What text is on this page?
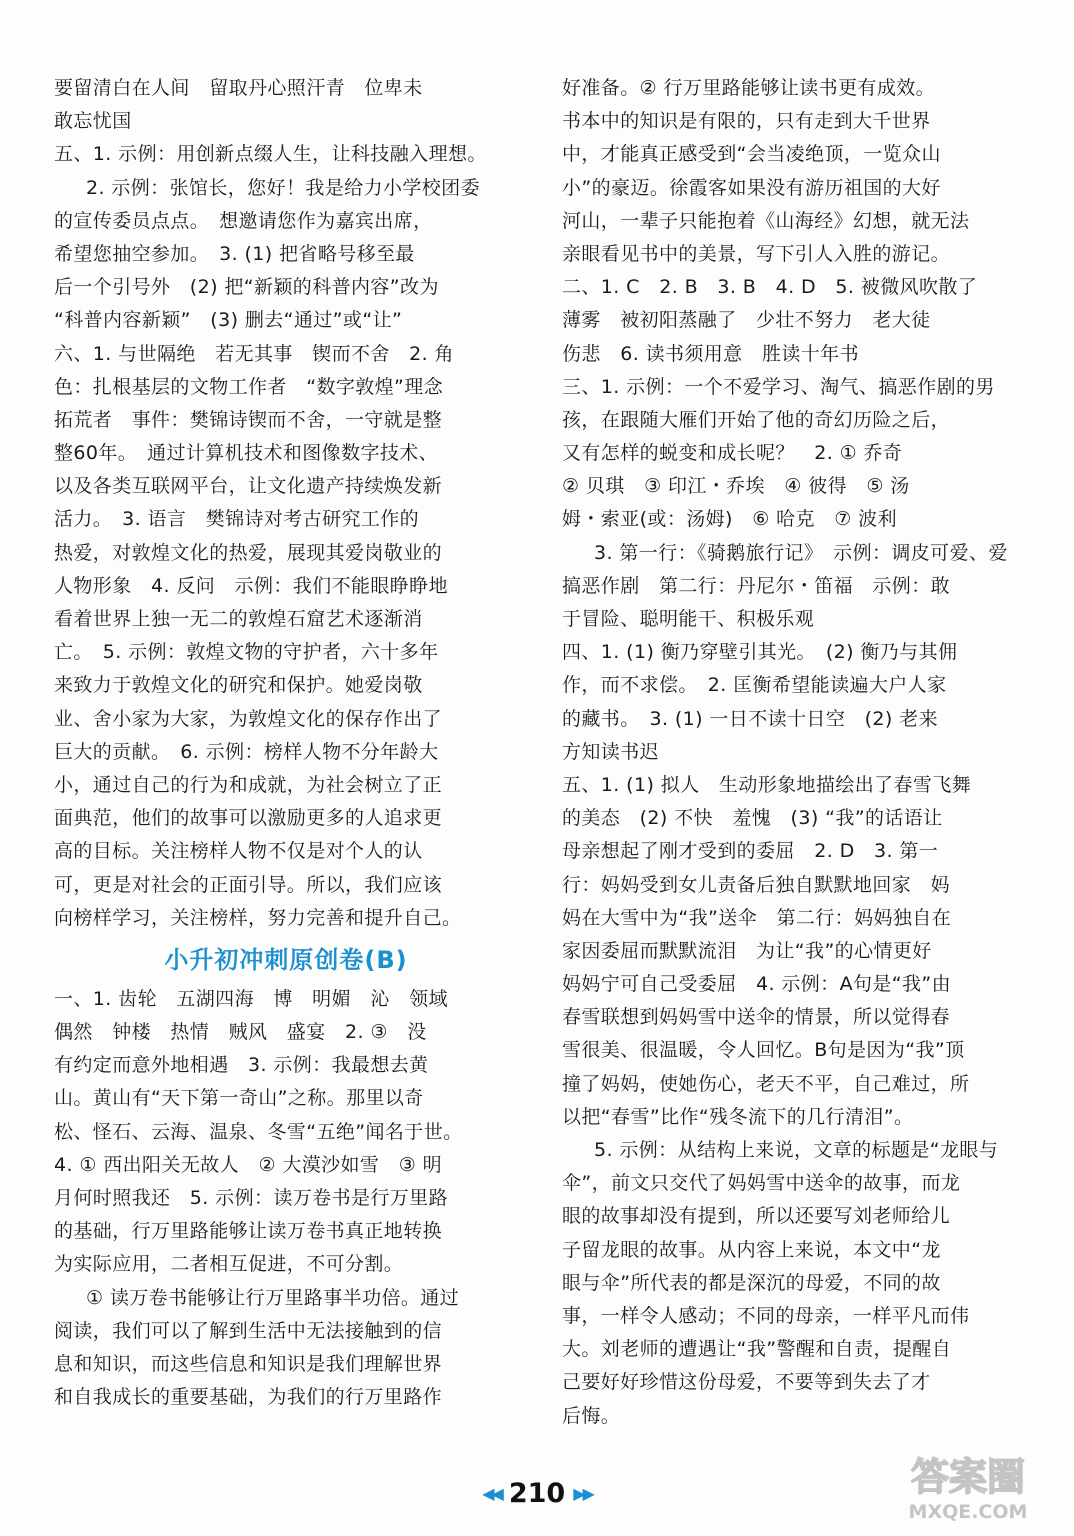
要留清白在人间　留取丹心照汗青　位卑未
敢忘忧国
五、1. 示例：用创新点缀人生，让科技融入理想。
2. 示例：张馆长，您好！我是给力小学校团委
的宣传委员点点。　想邀请您作为嘉宾出席，
希望您抽空参加。　3. (1) 把省略号移至最
后一个引号外　(2) 把“新颖的科普内容”改为
“科普内容新颖”　(3) 删去“通过”或“让”
六、1. 与世隔绝　若无其事　锲而不舍　2. 角
色：扎根基层的文物工作者　“数字敦煌”理念
拓荒者　事件：樊锦诗锲而不舍，一守就是整
整60年。　通过计算机技术和图像数字技术、
以及各类互联网平台，让文化遗产持续焕发新
活力。　3. 语言　樊锦诗对考古研究工作的
热爱，对敦煌文化的热爱，展现其爱岗敬业的
人物形象　4. 反问　示例：我们不能眼睁睁地
看着世界上独一无二的敦煌石窟艺术逐渐消
亡。　5. 示例：敦煌文物的守护者，六十多年
来致力于敦煌文化的研究和保护。她爱岗敬
业、舍小家为大家，为敦煌文化的保存作出了
巨大的贡献。　6. 示例：榜样人物不分年龄大
小，通过自己的行为和成就，为社会树立了正
面典范，他们的故事可以激励更多的人追求更
高的目标。关注榜样人物不仅是对个人的认
可，更是对社会的正面引导。所以，我们应该
向榜样学习，关注榜样，努力完善和提升自己。
小升初冲刺原创卷(B)
一、1. 齿轮　五湖四海　博　明媚　沁　领域
偶然　钟楼　热情　贼风　盛宴　2. ③　没
有约定而意外地相遇　3. 示例：我最想去黄
山。黄山有“天下第一奇山”之称。那里以奇
松、怪石、云海、温泉、冬雪“五绝”闻名于世。
4. ① 西出阳关无故人　② 大漠沙如雪　③ 明
月何时照我还　5. 示例：读万卷书是行万里路
的基础，行万里路能够让读万卷书真正地转换
为实际应用，二者相互促进，不可分割。
① 读万卷书能够让行万里路事半功倍。通过
阅读，我们可以了解到生活中无法接触到的信
息和知识，而这些信息和知识是我们理解世界
和自我成长的重要基础，为我们的行万里路作
好准备。② 行万里路能够让读书更有成效。
书本中的知识是有限的，只有走到大千世界
中，才能真正感受到“会当凌绝顶，一览众山
小”的豪迈。徐霞客如果没有游历祖国的大好
河山，一辈子只能抱着《山海经》幻想，就无法
亲眼看见书中的美景，写下引人入胜的游记。
二、1. C　2. B　3. B　4. D　5. 被微风吹散了
薄雾　被初阳蒸融了　少壮不努力　老大徒
伤悲　6. 读书须用意　胜读十年书
三、1. 示例：一个不爱学习、淘气、搞恶作剧的男
孩，在跟随大雁们开始了他的奇幻历险之后，
又有怎样的蜕变和成长呢？　2. ① 乔奇
② 贝琪　③ 印江・乔埃　④ 彼得　⑤ 汤
姆・索亚(或：汤姆)　⑥ 哈克　⑦ 波利
3. 第一行：《骑鹅旅行记》　示例：调皮可爱、爱
搞恶作剧　第二行：丹尼尔・笛福　示例：敢
于冒险、聪明能干、积极乐观
四、1. (1) 衡乃穿壁引其光。　(2) 衡乃与其佣
作，而不求偿。　2. 匡衡希望能读遍大户人家
的藏书。　3. (1) 一日不读十日空　(2) 老来
方知读书迟
五、1. (1) 拟人　生动形象地描绘出了春雪飞舞
的美态　(2) 不快　羞愧　(3) “我”的话语让
母亲想起了刚才受到的委屈　2. D　3. 第一
行：妈妈受到女儿责备后独自默默地回家　妈
妈在大雪中为“我”送伞　第二行：妈妈独自在
家因委屈而默默流泪　为让“我”的心情更好
妈妈宁可自己受委屈　4. 示例：A句是“我”由
春雪联想到妈妈雪中送伞的情景，所以觉得春
雪很美、很温暖，令人回忆。B句是因为“我”顶
撞了妈妈，使她伤心，老天不平，自己难过，所
以把“春雪”比作“残冬流下的几行清泪”。
5. 示例：从结构上来说，文章的标题是“龙眼与
伞”，前文只交代了妈妈雪中送伞的故事，而龙
眼的故事却没有提到，所以还要写刘老师给儿
子留龙眼的故事。从内容上来说，本文中“龙
眼与伞”所代表的都是深沉的母爱，不同的故
事，一样令人感动；不同的母亲，一样平凡而伟
大。刘老师的遭遇让“我”警醒和自责，提醒自
己要好好珍惜这份母爱，不要等到失去了才
后悔。
◀◀ 210 ▶▶	答案圈
MXQE.COM
